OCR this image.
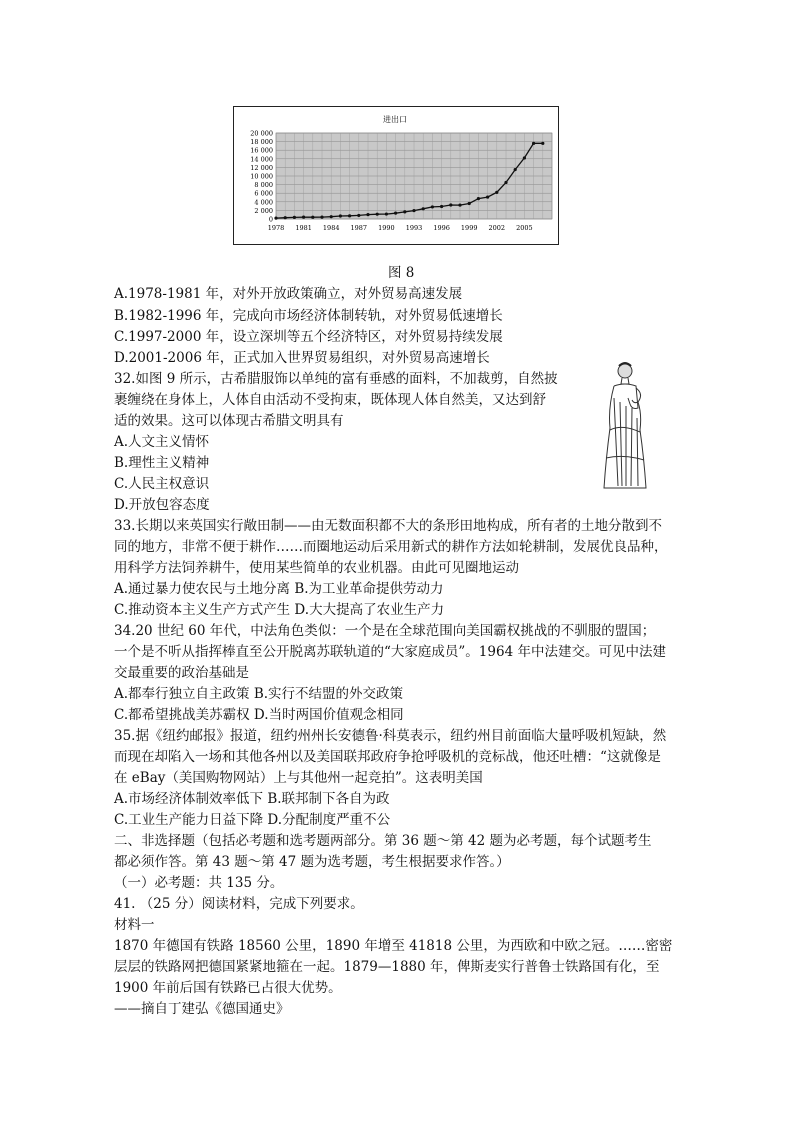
进出口
20 000
18 000
16 000
14 000
12 000
10 000
8 000
6 000
4 000
2 000
0
1978 1981 1984 1987 1990 1993 1996 1999 2002 2005
图 8
A.1978-1981 年，对外开放政策确立，对外贸易高速发展
B.1982-1996 年，完成向市场经济体制转轨，对外贸易低速增长
C.1997-2000 年，设立深圳等五个经济特区，对外贸易持续发展
D.2001-2006 年，正式加入世界贸易组织，对外贸易高速增长
32.如图 9 所示，古希腊服饰以单纯的富有垂感的面料，不加裁剪，自然披
裹缠绕在身体上，人体自由活动不受拘束，既体现人体自然美，又达到舒
适的效果。这可以体现古希腊文明具有
A.人文主义情怀
B.理性主义精神
C.人民主权意识
D.开放包容态度
33.长期以来英国实行敞田制——由无数面积都不大的条形田地构成，所有者的土地分散到不
同的地方，非常不便于耕作……而圈地运动后采用新式的耕作方法如轮耕制，发展优良品种，
用科学方法饲养耕牛，使用某些简单的农业机器。由此可见圈地运动
A.通过暴力使农民与土地分离 B.为工业革命提供劳动力
C.推动资本主义生产方式产生 D.大大提高了农业生产力
34.20 世纪 60 年代，中法角色类似：一个是在全球范围向美国霸权挑战的不驯服的盟国；
一个是不听从指挥棒直至公开脱离苏联轨道的“大家庭成员”。1964 年中法建交。可见中法建
交最重要的政治基础是
A.都奉行独立自主政策 B.实行不结盟的外交政策
C.都希望挑战美苏霸权 D.当时两国价值观念相同
35.据《纽约邮报》报道，纽约州州长安德鲁·科莫表示，纽约州目前面临大量呼吸机短缺，然
而现在却陷入一场和其他各州以及美国联邦政府争抢呼吸机的竞标战，他还吐槽：“这就像是
在 eBay（美国购物网站）上与其他州一起竞拍”。这表明美国
A.市场经济体制效率低下 B.联邦制下各自为政
C.工业生产能力日益下降 D.分配制度严重不公
二、非选择题（包括必考题和选考题两部分。第 36 题～第 42 题为必考题，每个试题考生
都必须作答。第 43 题～第 47 题为选考题，考生根据要求作答。）
（一）必考题：共 135 分。
41. （25 分）阅读材料，完成下列要求。
材料一
1870 年德国有铁路 18560 公里，1890 年增至 41818 公里，为西欧和中欧之冠。……密密
层层的铁路网把德国紧紧地箍在一起。1879—1880 年，俾斯麦实行普鲁士铁路国有化，至
1900 年前后国有铁路已占很大优势。
——摘自丁建弘《德国通史》
